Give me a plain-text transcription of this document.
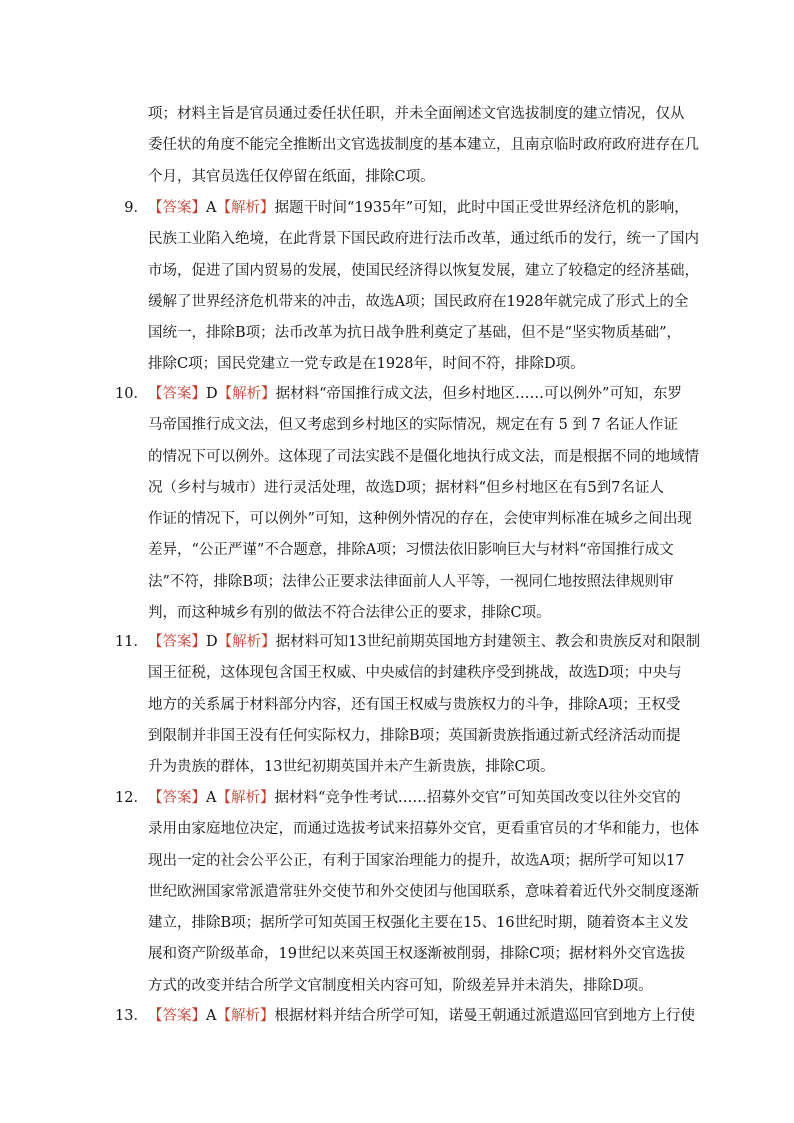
项；材料主旨是官员通过委任状任职，并未全面阐述文官选拔制度的建立情况，仅从
委任状的角度不能完全推断出文官选拔制度的基本建立，且南京临时政府政府进存在几
个月，其官员选任仅停留在纸面，排除C项。
9． 【答案】A【解析】据题干时间“1935年”可知，此时中国正受世界经济危机的影响，
民族工业陷入绝境，在此背景下国民政府进行法币改革，通过纸币的发行，统一了国内
市场，促进了国内贸易的发展，使国民经济得以恢复发展，建立了较稳定的经济基础，
缓解了世界经济危机带来的冲击，故选A项；国民政府在1928年就完成了形式上的全
国统一，排除B项；法币改革为抗日战争胜利奠定了基础，但不是“坚实物质基础”，
排除C项；国民党建立一党专政是在1928年，时间不符，排除D项。
10． 【答案】D【解析】据材料“帝国推行成文法，但乡村地区……可以例外”可知，东罗
马帝国推行成文法，但又考虑到乡村地区的实际情况，规定在有 5 到 7 名证人作证
的情况下可以例外。这体现了司法实践不是僵化地执行成文法，而是根据不同的地域情
况（乡村与城市）进行灵活处理，故选D项；据材料“但乡村地区在有5到7名证人
作证的情况下，可以例外”可知，这种例外情况的存在，会使审判标准在城乡之间出现
差异，“公正严谨”不合题意，排除A项；习惯法依旧影响巨大与材料“帝国推行成文
法”不符，排除B项；法律公正要求法律面前人人平等，一视同仁地按照法律规则审
判，而这种城乡有别的做法不符合法律公正的要求，排除C项。
11． 【答案】D【解析】据材料可知13世纪前期英国地方封建领主、教会和贵族反对和限制
国王征税，这体现包含国王权威、中央威信的封建秩序受到挑战，故选D项；中央与
地方的关系属于材料部分内容，还有国王权威与贵族权力的斗争，排除A项；王权受
到限制并非国王没有任何实际权力，排除B项；英国新贵族指通过新式经济活动而提
升为贵族的群体，13世纪初期英国并未产生新贵族，排除C项。
12． 【答案】A【解析】据材料“竞争性考试……招募外交官”可知英国改变以往外交官的
录用由家庭地位决定，而通过选拔考试来招募外交官，更看重官员的才华和能力，也体
现出一定的社会公平公正，有利于国家治理能力的提升，故选A项；据所学可知以17
世纪欧洲国家常派遣常驻外交使节和外交使团与他国联系，意味着着近代外交制度逐渐
建立，排除B项；据所学可知英国王权强化主要在15、16世纪时期，随着资本主义发
展和资产阶级革命，19世纪以来英国王权逐渐被削弱，排除C项；据材料外交官选拔
方式的改变并结合所学文官制度相关内容可知，阶级差异并未消失，排除D项。
13． 【答案】A【解析】根据材料并结合所学可知，诺曼王朝通过派遣巡回官到地方上行使
